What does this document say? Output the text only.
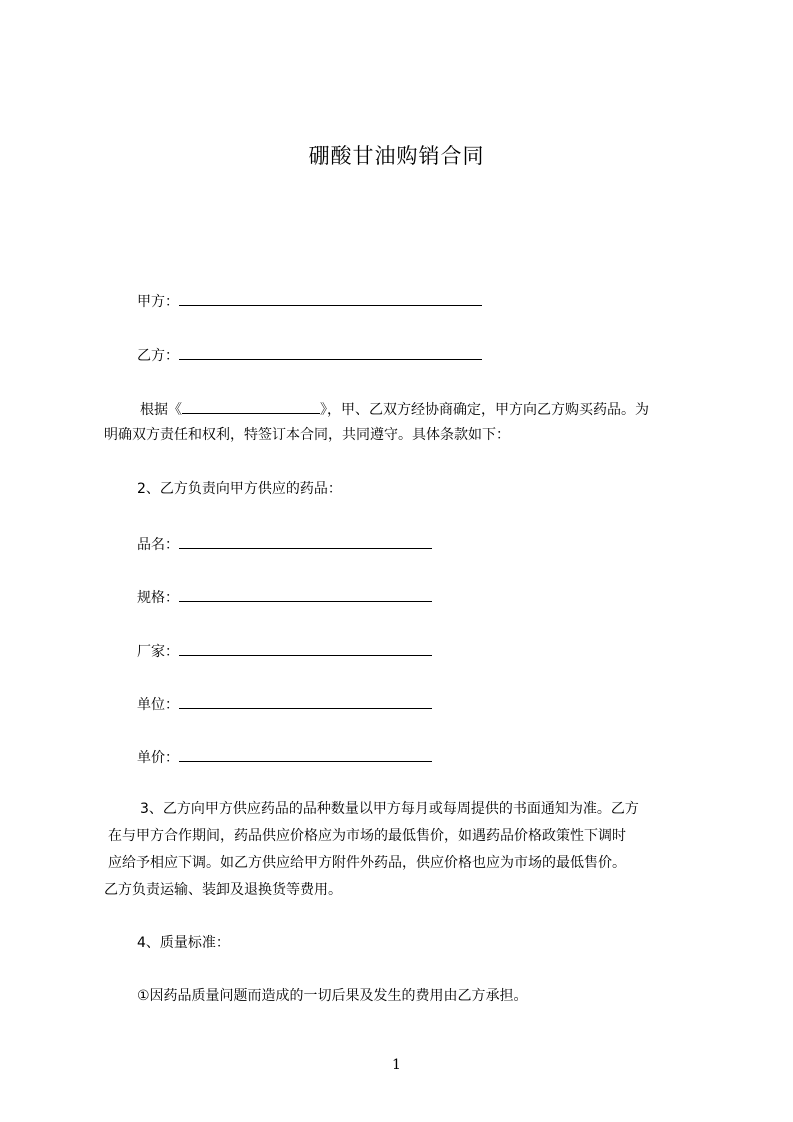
硼酸甘油购销合同
甲方：
乙方：
根据《	》，甲、乙双方经协商确定，甲方向乙方购买药品。为
明确双方责任和权利，特签订本合同，共同遵守。具体条款如下：
2、乙方负责向甲方供应的药品：
品名：
规格：
厂家：
单位：
单价：
3、乙方向甲方供应药品的品种数量以甲方每月或每周提供的书面通知为准。乙方
在与甲方合作期间，药品供应价格应为市场的最低售价，如遇药品价格政策性下调时
应给予相应下调。如乙方供应给甲方附件外药品，供应价格也应为市场的最低售价。
乙方负责运输、装卸及退换货等费用。
4、质量标准：
①因药品质量问题而造成的一切后果及发生的费用由乙方承担。
1
